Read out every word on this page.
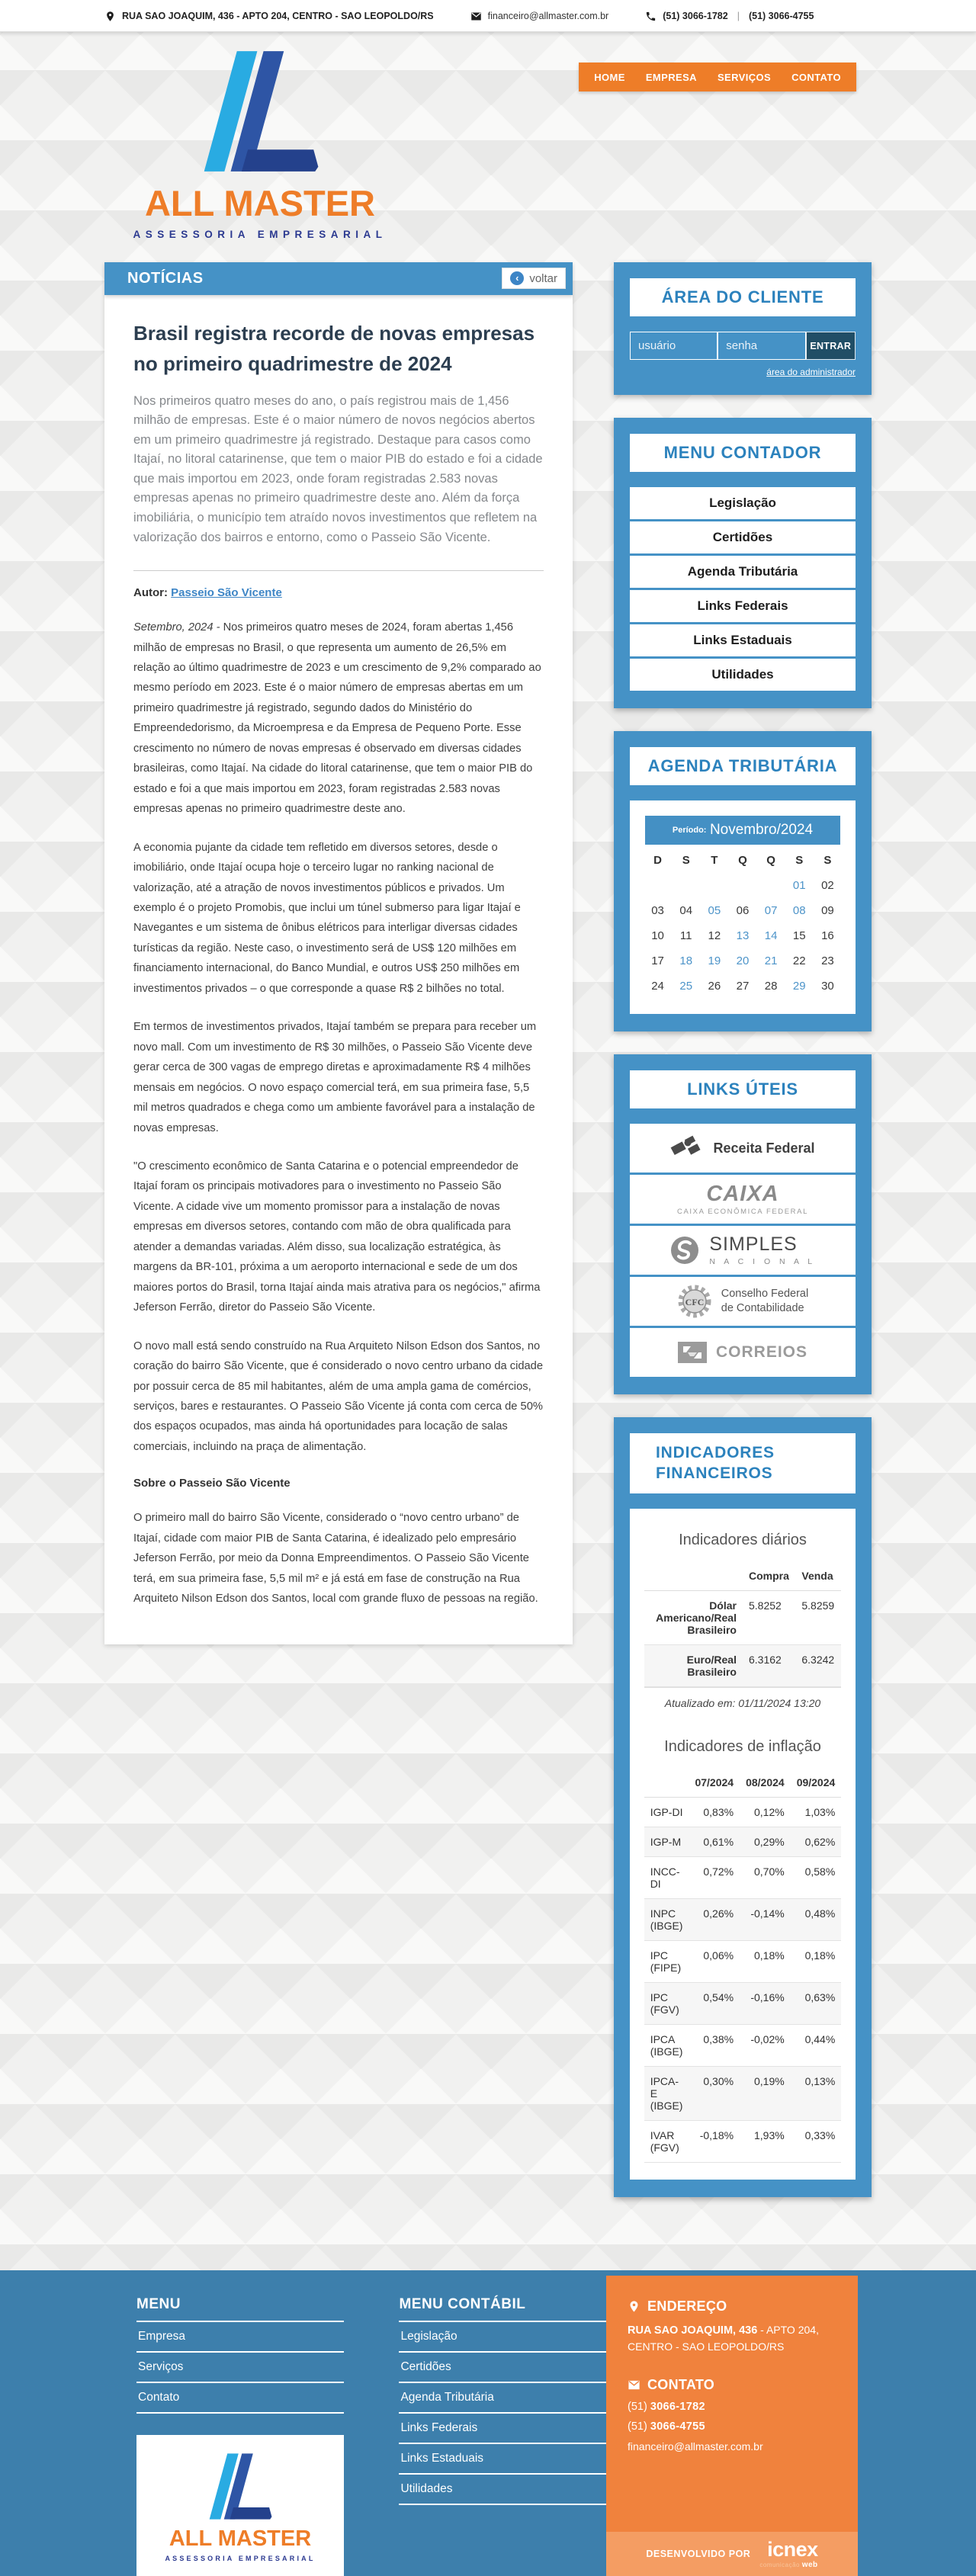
RUA SAO JOAQUIM, 436 - APTO 204, CENTRO - SAO LEOPOLDO/RS	financeiro@allmaster.com.br	(51) 3066-1782 | (51) 3066-4755
ALL MASTER
ASSESSORIA EMPRESARIAL
HOME EMPRESA SERVIÇOS CONTATO
NOTÍCIAS	‹ voltar
Brasil registra recorde de novas empresas no primeiro quadrimestre de 2024

Nos primeiros quatro meses do ano, o país registrou mais de 1,456 milhão de empresas. Este é o maior número de novos negócios abertos em um primeiro quadrimestre já registrado. Destaque para casos como Itajaí, no litoral catarinense, que tem o maior PIB do estado e foi a cidade que mais importou em 2023, onde foram registradas 2.583 novas empresas apenas no primeiro quadrimestre deste ano. Além da força imobiliária, o município tem atraído novos investimentos que refletem na valorização dos bairros e entorno, como o Passeio São Vicente.

Autor: Passeio São Vicente

Setembro, 2024 - Nos primeiros quatro meses de 2024, foram abertas 1,456 milhão de empresas no Brasil, o que representa um aumento de 26,5% em relação ao último quadrimestre de 2023 e um crescimento de 9,2% comparado ao mesmo período em 2023. Este é o maior número de empresas abertas em um primeiro quadrimestre já registrado, segundo dados do Ministério do Empreendedorismo, da Microempresa e da Empresa de Pequeno Porte. Esse crescimento no número de novas empresas é observado em diversas cidades brasileiras, como Itajaí. Na cidade do litoral catarinense, que tem o maior PIB do estado e foi a que mais importou em 2023, foram registradas 2.583 novas empresas apenas no primeiro quadrimestre deste ano.

A economia pujante da cidade tem refletido em diversos setores, desde o imobiliário, onde Itajaí ocupa hoje o terceiro lugar no ranking nacional de valorização, até a atração de novos investimentos públicos e privados. Um exemplo é o projeto Promobis, que inclui um túnel submerso para ligar Itajaí e Navegantes e um sistema de ônibus elétricos para interligar diversas cidades turísticas da região. Neste caso, o investimento será de US$ 120 milhões em financiamento internacional, do Banco Mundial, e outros US$ 250 milhões em investimentos privados – o que corresponde a quase R$ 2 bilhões no total.

Em termos de investimentos privados, Itajaí também se prepara para receber um novo mall. Com um investimento de R$ 30 milhões, o Passeio São Vicente deve gerar cerca de 300 vagas de emprego diretas e aproximadamente R$ 4 milhões mensais em negócios. O novo espaço comercial terá, em sua primeira fase, 5,5 mil metros quadrados e chega como um ambiente favorável para a instalação de novas empresas.

"O crescimento econômico de Santa Catarina e o potencial empreendedor de Itajaí foram os principais motivadores para o investimento no Passeio São Vicente. A cidade vive um momento promissor para a instalação de novas empresas em diversos setores, contando com mão de obra qualificada para atender a demandas variadas. Além disso, sua localização estratégica, às margens da BR-101, próxima a um aeroporto internacional e sede de um dos maiores portos do Brasil, torna Itajaí ainda mais atrativa para os negócios," afirma Jeferson Ferrão, diretor do Passeio São Vicente.

O novo mall está sendo construído na Rua Arquiteto Nilson Edson dos Santos, no coração do bairro São Vicente, que é considerado o novo centro urbano da cidade por possuir cerca de 85 mil habitantes, além de uma ampla gama de comércios, serviços, bares e restaurantes. O Passeio São Vicente já conta com cerca de 50% dos espaços ocupados, mas ainda há oportunidades para locação de salas comerciais, incluindo na praça de alimentação.

Sobre o Passeio São Vicente

O primeiro mall do bairro São Vicente, considerado o “novo centro urbano” de Itajaí, cidade com maior PIB de Santa Catarina, é idealizado pelo empresário Jeferson Ferrão, por meio da Donna Empreendimentos. O Passeio São Vicente terá, em sua primeira fase, 5,5 mil m² e já está em fase de construção na Rua Arquiteto Nilson Edson dos Santos, local com grande fluxo de pessoas na região.

ÁREA DO CLIENTE
usuário
senha
ENTRAR
área do administrador
MENU CONTADOR
Legislação
Certidões
Agenda Tributária
Links Federais
Links Estaduais
Utilidades
AGENDA TRIBUTÁRIA
Período: Novembro/2024
D	S	T	Q	Q	S	S
					01	02
03	04	05	06	07	08	09
10	11	12	13	14	15	16
17	18	19	20	21	22	23
24	25	26	27	28	29	30
LINKS ÚTEIS
Receita Federal
CAIXA
CAIXA ECONÔMICA FEDERAL
SIMPLES
N A C I O N A L
CFC
Conselho Federal
de Contabilidade
CORREIOS
INDICADORES FINANCEIROS
Indicadores diários
	Compra	Venda
Dólar Americano/Real Brasileiro	5.8252	5.8259
Euro/Real Brasileiro	6.3162	6.3242
Atualizado em: 01/11/2024 13:20
Indicadores de inflação
	07/2024	08/2024	09/2024
IGP-DI	0,83%	0,12%	1,03%
IGP-M	0,61%	0,29%	0,62%
INCC-DI	0,72%	0,70%	0,58%
INPC (IBGE)	0,26%	-0,14%	0,48%
IPC (FIPE)	0,06%	0,18%	0,18%
IPC (FGV)	0,54%	-0,16%	0,63%
IPCA (IBGE)	0,38%	-0,02%	0,44%
IPCA-E (IBGE)	0,30%	0,19%	0,13%
IVAR (FGV)	-0,18%	1,93%	0,33%
MENU
Empresa
Serviços
Contato
ALL MASTER
ASSESSORIA EMPRESARIAL

MENU CONTÁBIL
Legislação
Certidões
Agenda Tributária
Links Federais
Links Estaduais
Utilidades
ENDEREÇO
RUA SAO JOAQUIM, 436 - APTO 204,
CENTRO - SAO LEOPOLDO/RS
CONTATO
(51) 3066-1782
(51) 3066-4755
financeiro@allmaster.com.br
DESENVOLVIDO POR icnex
comunicação web
